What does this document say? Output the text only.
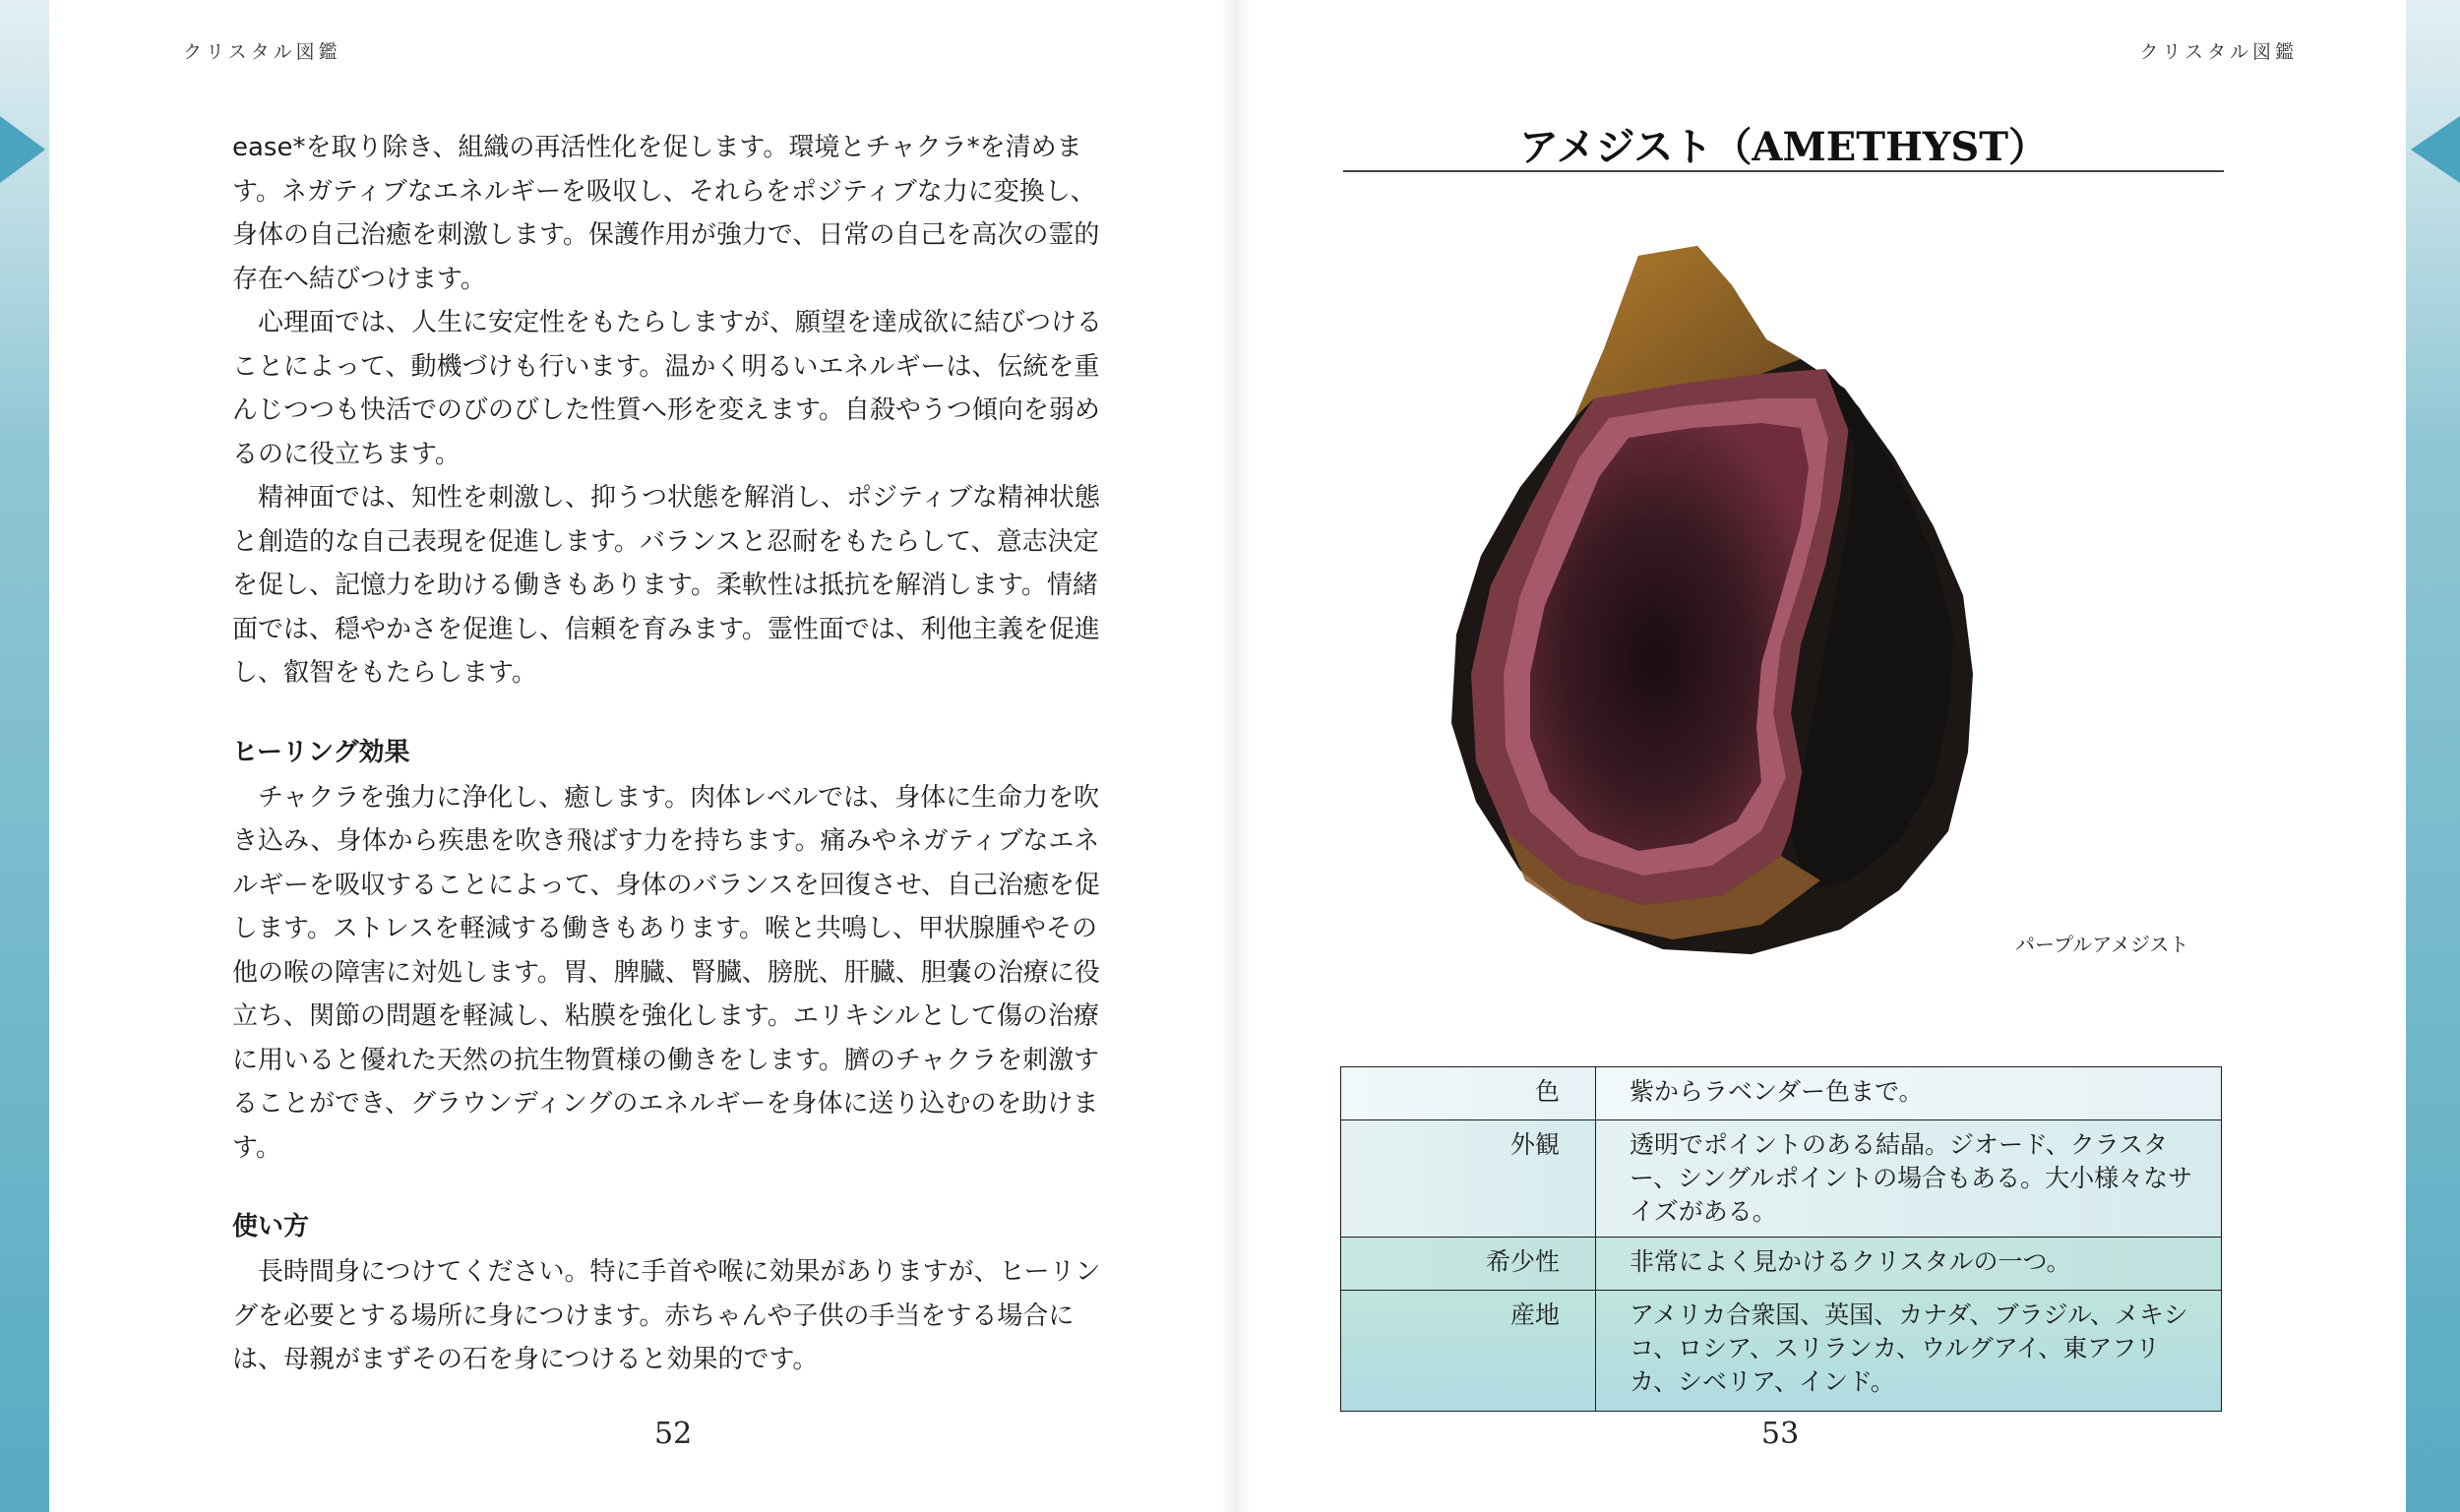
クリスタル図鑑	クリスタル図鑑

ease*を取り除き、組織の再活性化を促します。環境とチャクラ*を清めます。ネガティブなエネルギーを吸収し、それらをポジティブな力に変換し、身体の自己治癒を刺激します。保護作用が強力で、日常の自己を高次の霊的存在へ結びつけます。

心理面では、人生に安定性をもたらしますが、願望を達成欲に結びつけることによって、動機づけも行います。温かく明るいエネルギーは、伝統を重んじつつも快活でのびのびした性質へ形を変えます。自殺やうつ傾向を弱めるのに役立ちます。

精神面では、知性を刺激し、抑うつ状態を解消し、ポジティブな精神状態と創造的な自己表現を促進します。バランスと忍耐をもたらして、意志決定を促し、記憶力を助ける働きもあります。柔軟性は抵抗を解消します。情緒面では、穏やかさを促進し、信頼を育みます。霊性面では、利他主義を促進し、叡智をもたらします。

ヒーリング効果

チャクラを強力に浄化し、癒します。肉体レベルでは、身体に生命力を吹き込み、身体から疾患を吹き飛ばす力を持ちます。痛みやネガティブなエネルギーを吸収することによって、身体のバランスを回復させ、自己治癒を促します。ストレスを軽減する働きもあります。喉と共鳴し、甲状腺腫やその他の喉の障害に対処します。胃、脾臓、腎臓、膀胱、肝臓、胆嚢の治療に役立ち、関節の問題を軽減し、粘膜を強化します。エリキシルとして傷の治療に用いると優れた天然の抗生物質様の働きをします。臍のチャクラを刺激することができ、グラウンディングのエネルギーを身体に送り込むのを助けます。

使い方

長時間身につけてください。特に手首や喉に効果がありますが、ヒーリングを必要とする場所に身につけます。赤ちゃんや子供の手当をする場合には、母親がまずその石を身につけると効果的です。

52
アメジスト（AMETHYST）
パープルアメジスト
色	紫からラベンダー色まで。
外観	透明でポイントのある結晶。ジオード、クラスター、シングルポイントの場合もある。大小様々なサイズがある。
希少性	非常によく見かけるクリスタルの一つ。
産地	アメリカ合衆国、英国、カナダ、ブラジル、メキシコ、ロシア、スリランカ、ウルグアイ、東アフリカ、シベリア、インド。
53
